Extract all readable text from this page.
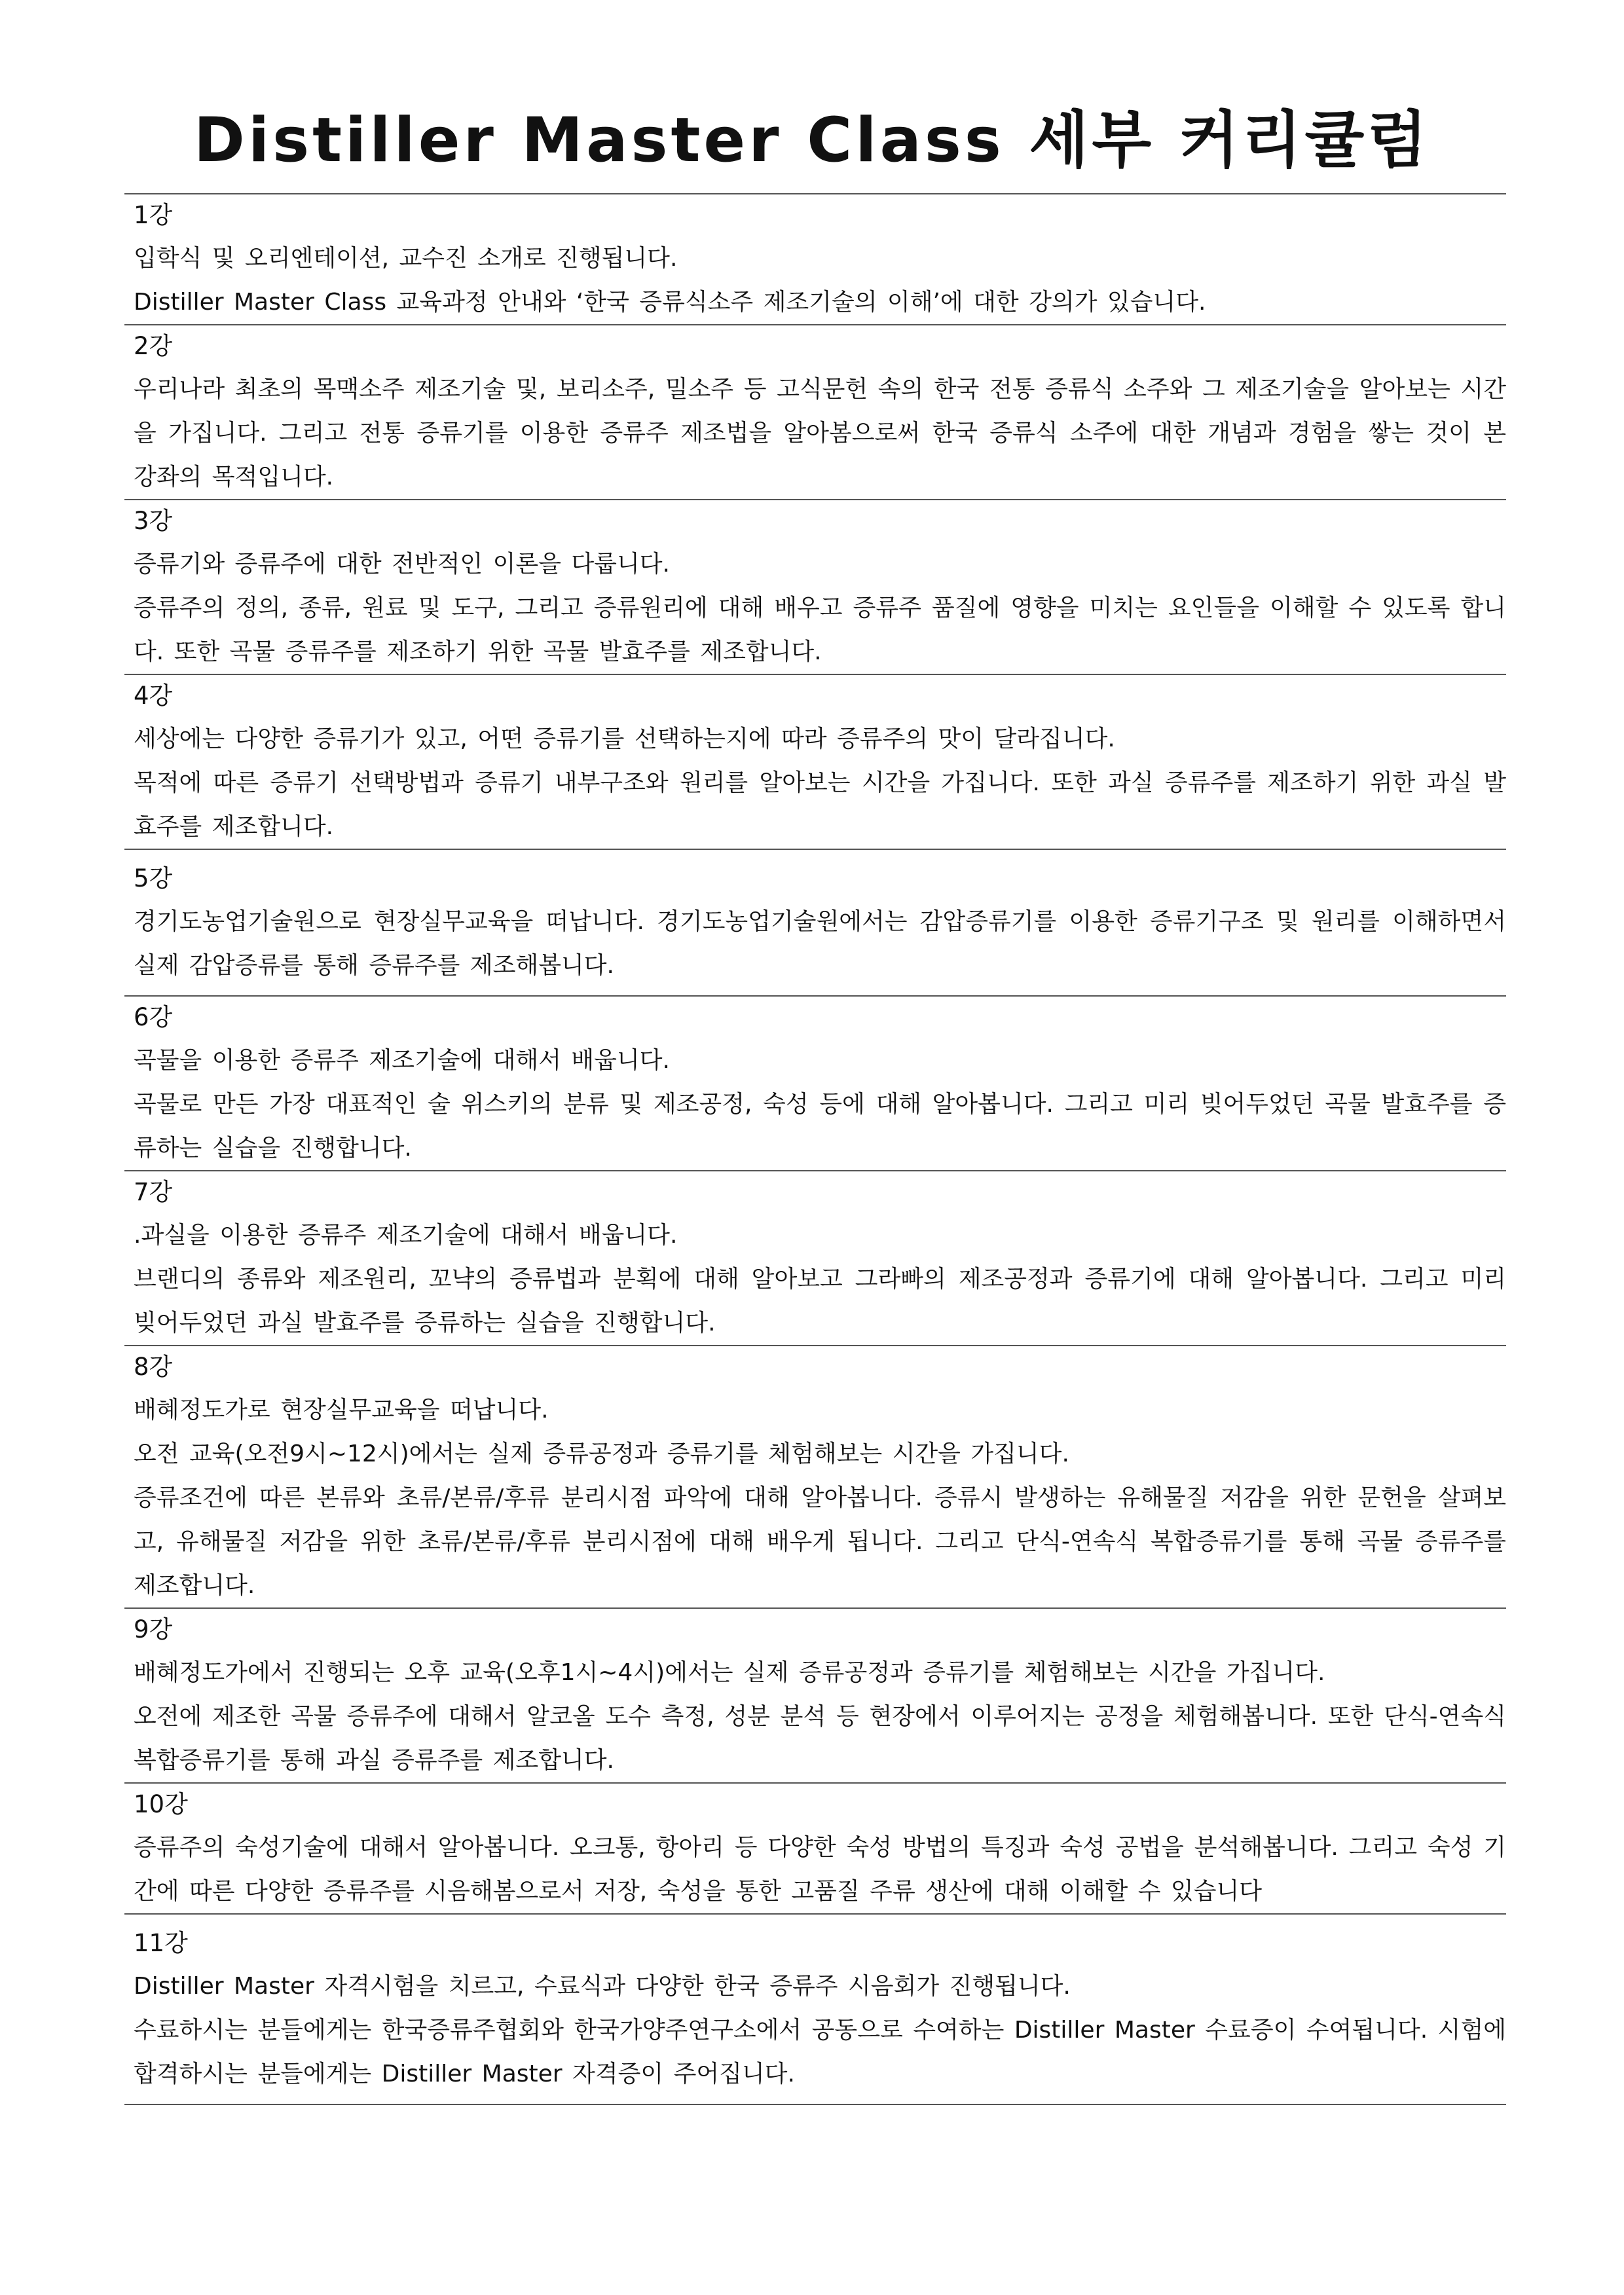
Distiller Master Class 세부 커리큘럼
1강

입학식 및 오리엔테이션, 교수진 소개로 진행됩니다.

Distiller Master Class 교육과정 안내와 ‘한국 증류식소주 제조기술의 이해’에 대한 강의가 있습니다.

2강

우리나라 최초의 목맥소주 제조기술 및, 보리소주, 밀소주 등 고식문헌 속의 한국 전통 증류식 소주와 그 제조기술을 알아보는 시간을 가집니다. 그리고 전통 증류기를 이용한 증류주 제조법을 알아봄으로써 한국 증류식 소주에 대한 개념과 경험을 쌓는 것이 본 강좌의 목적입니다.

3강

증류기와 증류주에 대한 전반적인 이론을 다룹니다.

증류주의 정의, 종류, 원료 및 도구, 그리고 증류원리에 대해 배우고 증류주 품질에 영향을 미치는 요인들을 이해할 수 있도록 합니다. 또한 곡물 증류주를 제조하기 위한 곡물 발효주를 제조합니다.

4강

세상에는 다양한 증류기가 있고, 어떤 증류기를 선택하는지에 따라 증류주의 맛이 달라집니다.

목적에 따른 증류기 선택방법과 증류기 내부구조와 원리를 알아보는 시간을 가집니다. 또한 과실 증류주를 제조하기 위한 과실 발효주를 제조합니다.

5강

경기도농업기술원으로 현장실무교육을 떠납니다. 경기도농업기술원에서는 감압증류기를 이용한 증류기구조 및 원리를 이해하면서 실제 감압증류를 통해 증류주를 제조해봅니다.

6강

곡물을 이용한 증류주 제조기술에 대해서 배웁니다.

곡물로 만든 가장 대표적인 술 위스키의 분류 및 제조공정, 숙성 등에 대해 알아봅니다. 그리고 미리 빚어두었던 곡물 발효주를 증류하는 실습을 진행합니다.

7강

.과실을 이용한 증류주 제조기술에 대해서 배웁니다.

브랜디의 종류와 제조원리, 꼬냑의 증류법과 분획에 대해 알아보고 그라빠의 제조공정과 증류기에 대해 알아봅니다. 그리고 미리 빚어두었던 과실 발효주를 증류하는 실습을 진행합니다.

8강

배혜정도가로 현장실무교육을 떠납니다.

오전 교육(오전9시~12시)에서는 실제 증류공정과 증류기를 체험해보는 시간을 가집니다.

증류조건에 따른 본류와 초류/본류/후류 분리시점 파악에 대해 알아봅니다. 증류시 발생하는 유해물질 저감을 위한 문헌을 살펴보고, 유해물질 저감을 위한 초류/본류/후류 분리시점에 대해 배우게 됩니다. 그리고 단식-연속식 복합증류기를 통해 곡물 증류주를 제조합니다.

9강

배혜정도가에서 진행되는 오후 교육(오후1시~4시)에서는 실제 증류공정과 증류기를 체험해보는 시간을 가집니다.

오전에 제조한 곡물 증류주에 대해서 알코올 도수 측정, 성분 분석 등 현장에서 이루어지는 공정을 체험해봅니다. 또한 단식-연속식 복합증류기를 통해 과실 증류주를 제조합니다.

10강

증류주의 숙성기술에 대해서 알아봅니다. 오크통, 항아리 등 다양한 숙성 방법의 특징과 숙성 공법을 분석해봅니다. 그리고 숙성 기간에 따른 다양한 증류주를 시음해봄으로서 저장, 숙성을 통한 고품질 주류 생산에 대해 이해할 수 있습니다

11강

Distiller Master 자격시험을 치르고, 수료식과 다양한 한국 증류주 시음회가 진행됩니다.

수료하시는 분들에게는 한국증류주협회와 한국가양주연구소에서 공동으로 수여하는 Distiller Master 수료증이 수여됩니다. 시험에 합격하시는 분들에게는 Distiller Master 자격증이 주어집니다.
